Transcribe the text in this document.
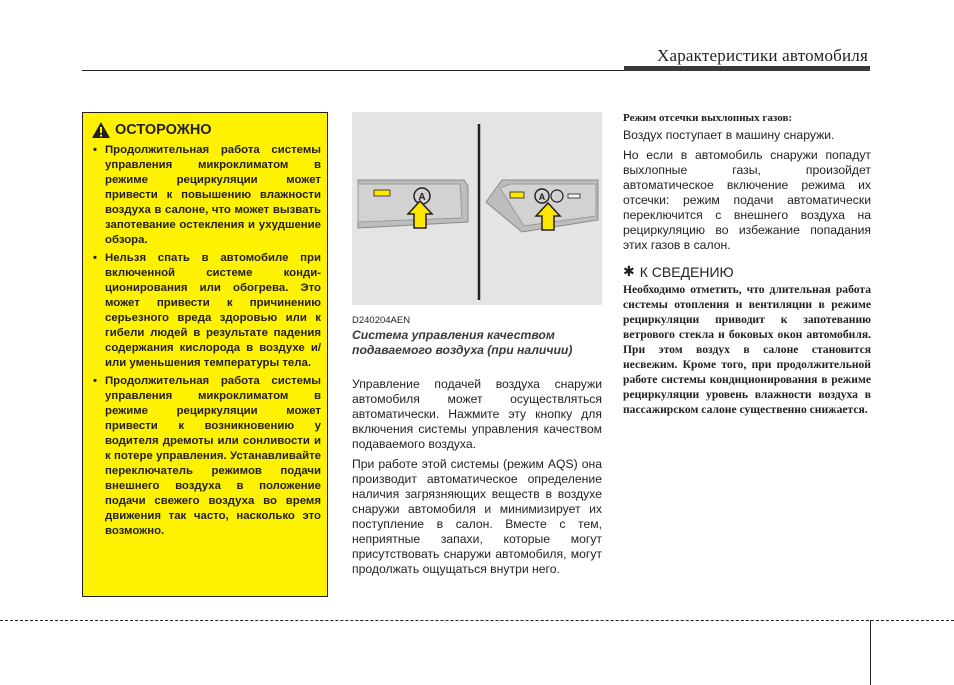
Характеристики автомобиля
ОСТОРОЖНО
• Продолжительная работа системы управления микроклиматом в режиме рециркуляции может привести к повышению влажности воздуха в салоне, что может вызвать запотевание остекления и ухудшение обзора.
• Нельзя спать в автомобиле при включенной системе конди-ционирования или обогрева. Это может привести к причинению серьезного вреда здоровью или к гибели людей в результате падения содержания кислорода в воздухе и/или уменьшения температуры тела.
• Продолжительная работа системы управления микроклиматом в режиме рециркуляции может привести к возникновению у водителя дремоты или сонливости и к потере управления. Устанавливайте переключатель режимов подачи внешнего воздуха в положение подачи свежего воздуха во время движения так часто, насколько это возможно.
A	A
D240204AEN
Система управления качеством подаваемого воздуха (при наличии)

Управление подачей воздуха снаружи автомобиля может осуществляться автоматически. Нажмите эту кнопку для включения системы управления качеством подаваемого воздуха.

При работе этой системы (режим AQS) она производит автоматическое определение наличия загрязняющих веществ в воздухе снаружи автомобиля и минимизирует их поступление в салон. Вместе с тем, неприятные запахи, которые могут присутствовать снаружи автомобиля, могут продолжать ощущаться внутри него.

Режим отсечки выхлопных газов:

Воздух поступает в машину снаружи.

Но если в автомобиль снаружи попадут выхлопные газы, произойдет автоматическое включение режима их отсечки: режим подачи автоматически переключится с внешнего воздуха на рециркуляцию во избежание попадания этих газов в салон.

✱ К СВЕДЕНИЮ
Необходимо отметить, что длительная работа системы отопления и вентиляции в режиме рециркуляции приводит к запотеванию ветрового стекла и боковых окон автомобиля. При этом воздух в салоне становится несвежим. Кроме того, при продолжительной работе системы кондиционирования в режиме рециркуляции уровень влажности воздуха в пассажирском салоне существенно снижается.
